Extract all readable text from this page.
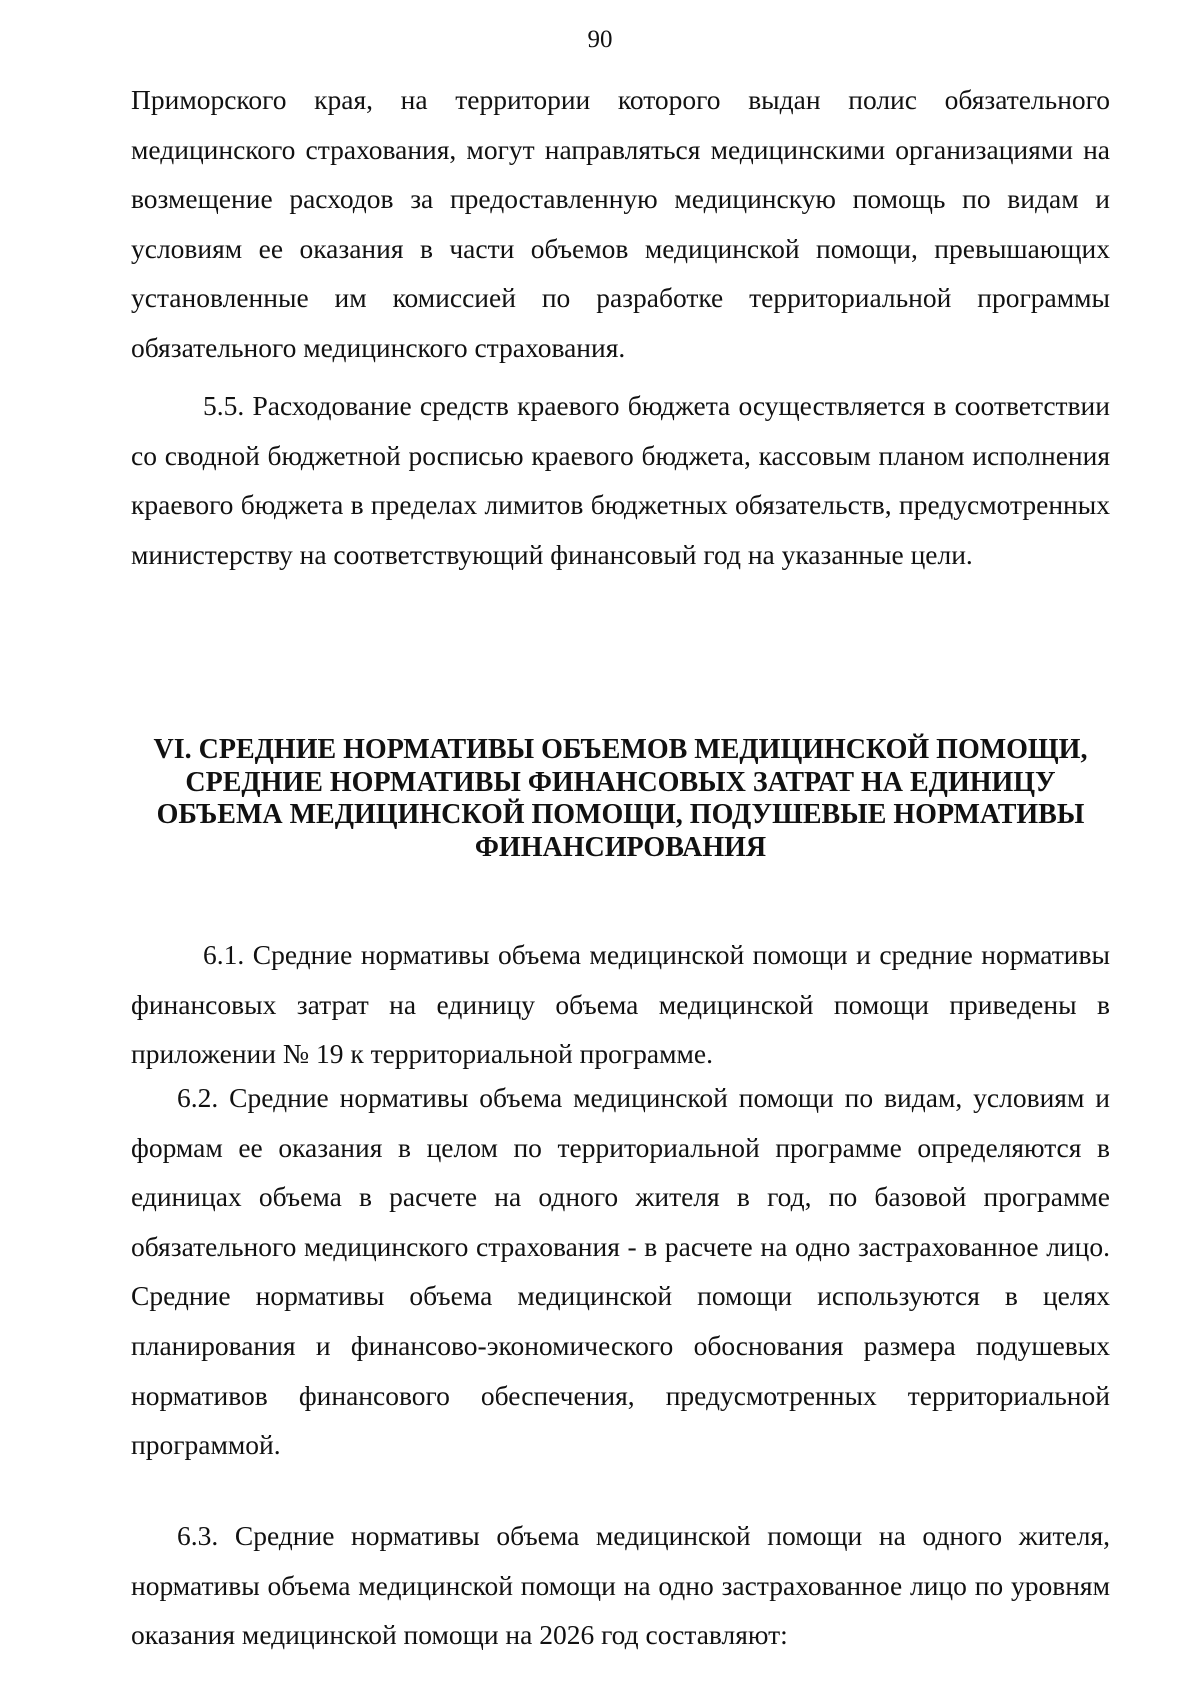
90

Приморского края, на территории которого выдан полис обязательного медицинского страхования, могут направляться медицинскими организациями на возмещение расходов за предоставленную медицинскую помощь по видам и условиям ее оказания в части объемов медицинской помощи, превышающих установленные им комиссией по разработке территориальной программы обязательного медицинского страхования.

5.5. Расходование средств краевого бюджета осуществляется в соответствии со сводной бюджетной росписью краевого бюджета, кассовым планом исполнения краевого бюджета в пределах лимитов бюджетных обязательств, предусмотренных министерству на соответствующий финансовый год на указанные цели.

VI. СРЕДНИЕ НОРМАТИВЫ ОБЪЕМОВ МЕДИЦИНСКОЙ ПОМОЩИ, СРЕДНИЕ НОРМАТИВЫ ФИНАНСОВЫХ ЗАТРАТ НА ЕДИНИЦУ ОБЪЕМА МЕДИЦИНСКОЙ ПОМОЩИ, ПОДУШЕВЫЕ НОРМАТИВЫ ФИНАНСИРОВАНИЯ

6.1. Средние нормативы объема медицинской помощи и средние нормативы финансовых затрат на единицу объема медицинской помощи приведены в приложении № 19 к территориальной программе.

6.2. Средние нормативы объема медицинской помощи по видам, условиям и формам ее оказания в целом по территориальной программе определяются в единицах объема в расчете на одного жителя в год, по базовой программе обязательного медицинского страхования - в расчете на одно застрахованное лицо. Средние нормативы объема медицинской помощи используются в целях планирования и финансово-экономического обоснования размера подушевых нормативов финансового обеспечения, предусмотренных территориальной программой.

6.3. Средние нормативы объема медицинской помощи на одного жителя, нормативы объема медицинской помощи на одно застрахованное лицо по уровням оказания медицинской помощи на 2026 год составляют:
